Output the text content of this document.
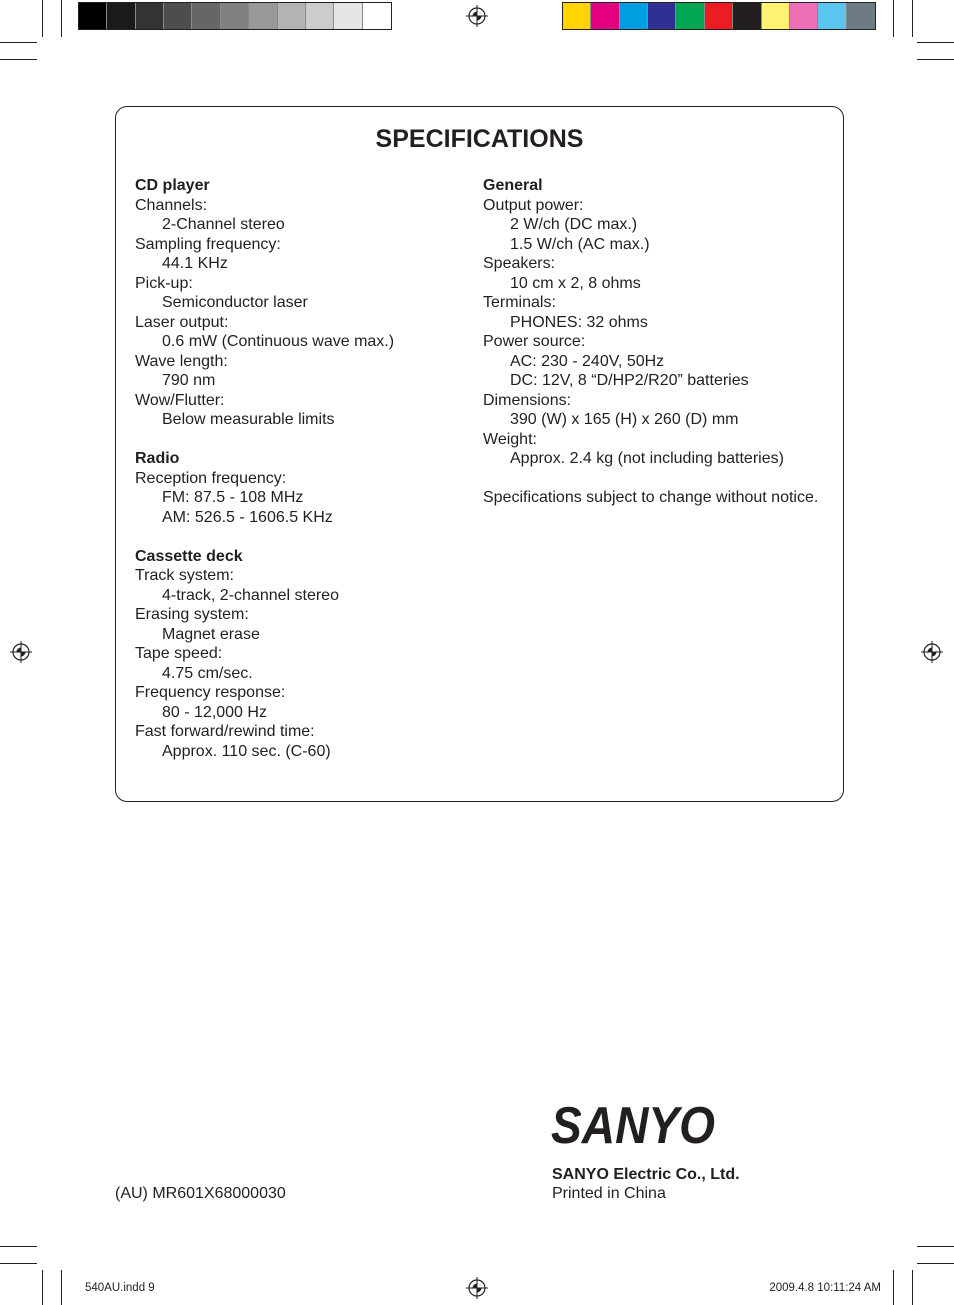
SPECIFICATIONS
CD player
Channels:
2-Channel stereo
Sampling frequency:
44.1 KHz
Pick-up:
Semiconductor laser
Laser output:
0.6 mW (Continuous wave max.)
Wave length:
790 nm
Wow/Flutter:
Below measurable limits
Radio
Reception frequency:
FM: 87.5 - 108 MHz
AM: 526.5 - 1606.5 KHz
Cassette deck
Track system:
4-track, 2-channel stereo
Erasing system:
Magnet erase
Tape speed:
4.75 cm/sec.
Frequency response:
80 - 12,000 Hz
Fast forward/rewind time:
Approx. 110 sec. (C-60)
General
Output power:
2 W/ch (DC max.)
1.5 W/ch (AC max.)
Speakers:
10 cm x 2, 8 ohms
Terminals:
PHONES: 32 ohms
Power source:
AC: 230 - 240V, 50Hz
DC: 12V, 8 “D/HP2/R20” batteries
Dimensions:
390 (W) x 165 (H) x 260 (D) mm
Weight:
Approx. 2.4 kg (not including batteries)
Specifications subject to change without notice.
(AU) MR601X68000030
SANYO
SANYO Electric Co., Ltd.
Printed in China
540AU.indd 9	2009.4.8 10:11:24 AM
